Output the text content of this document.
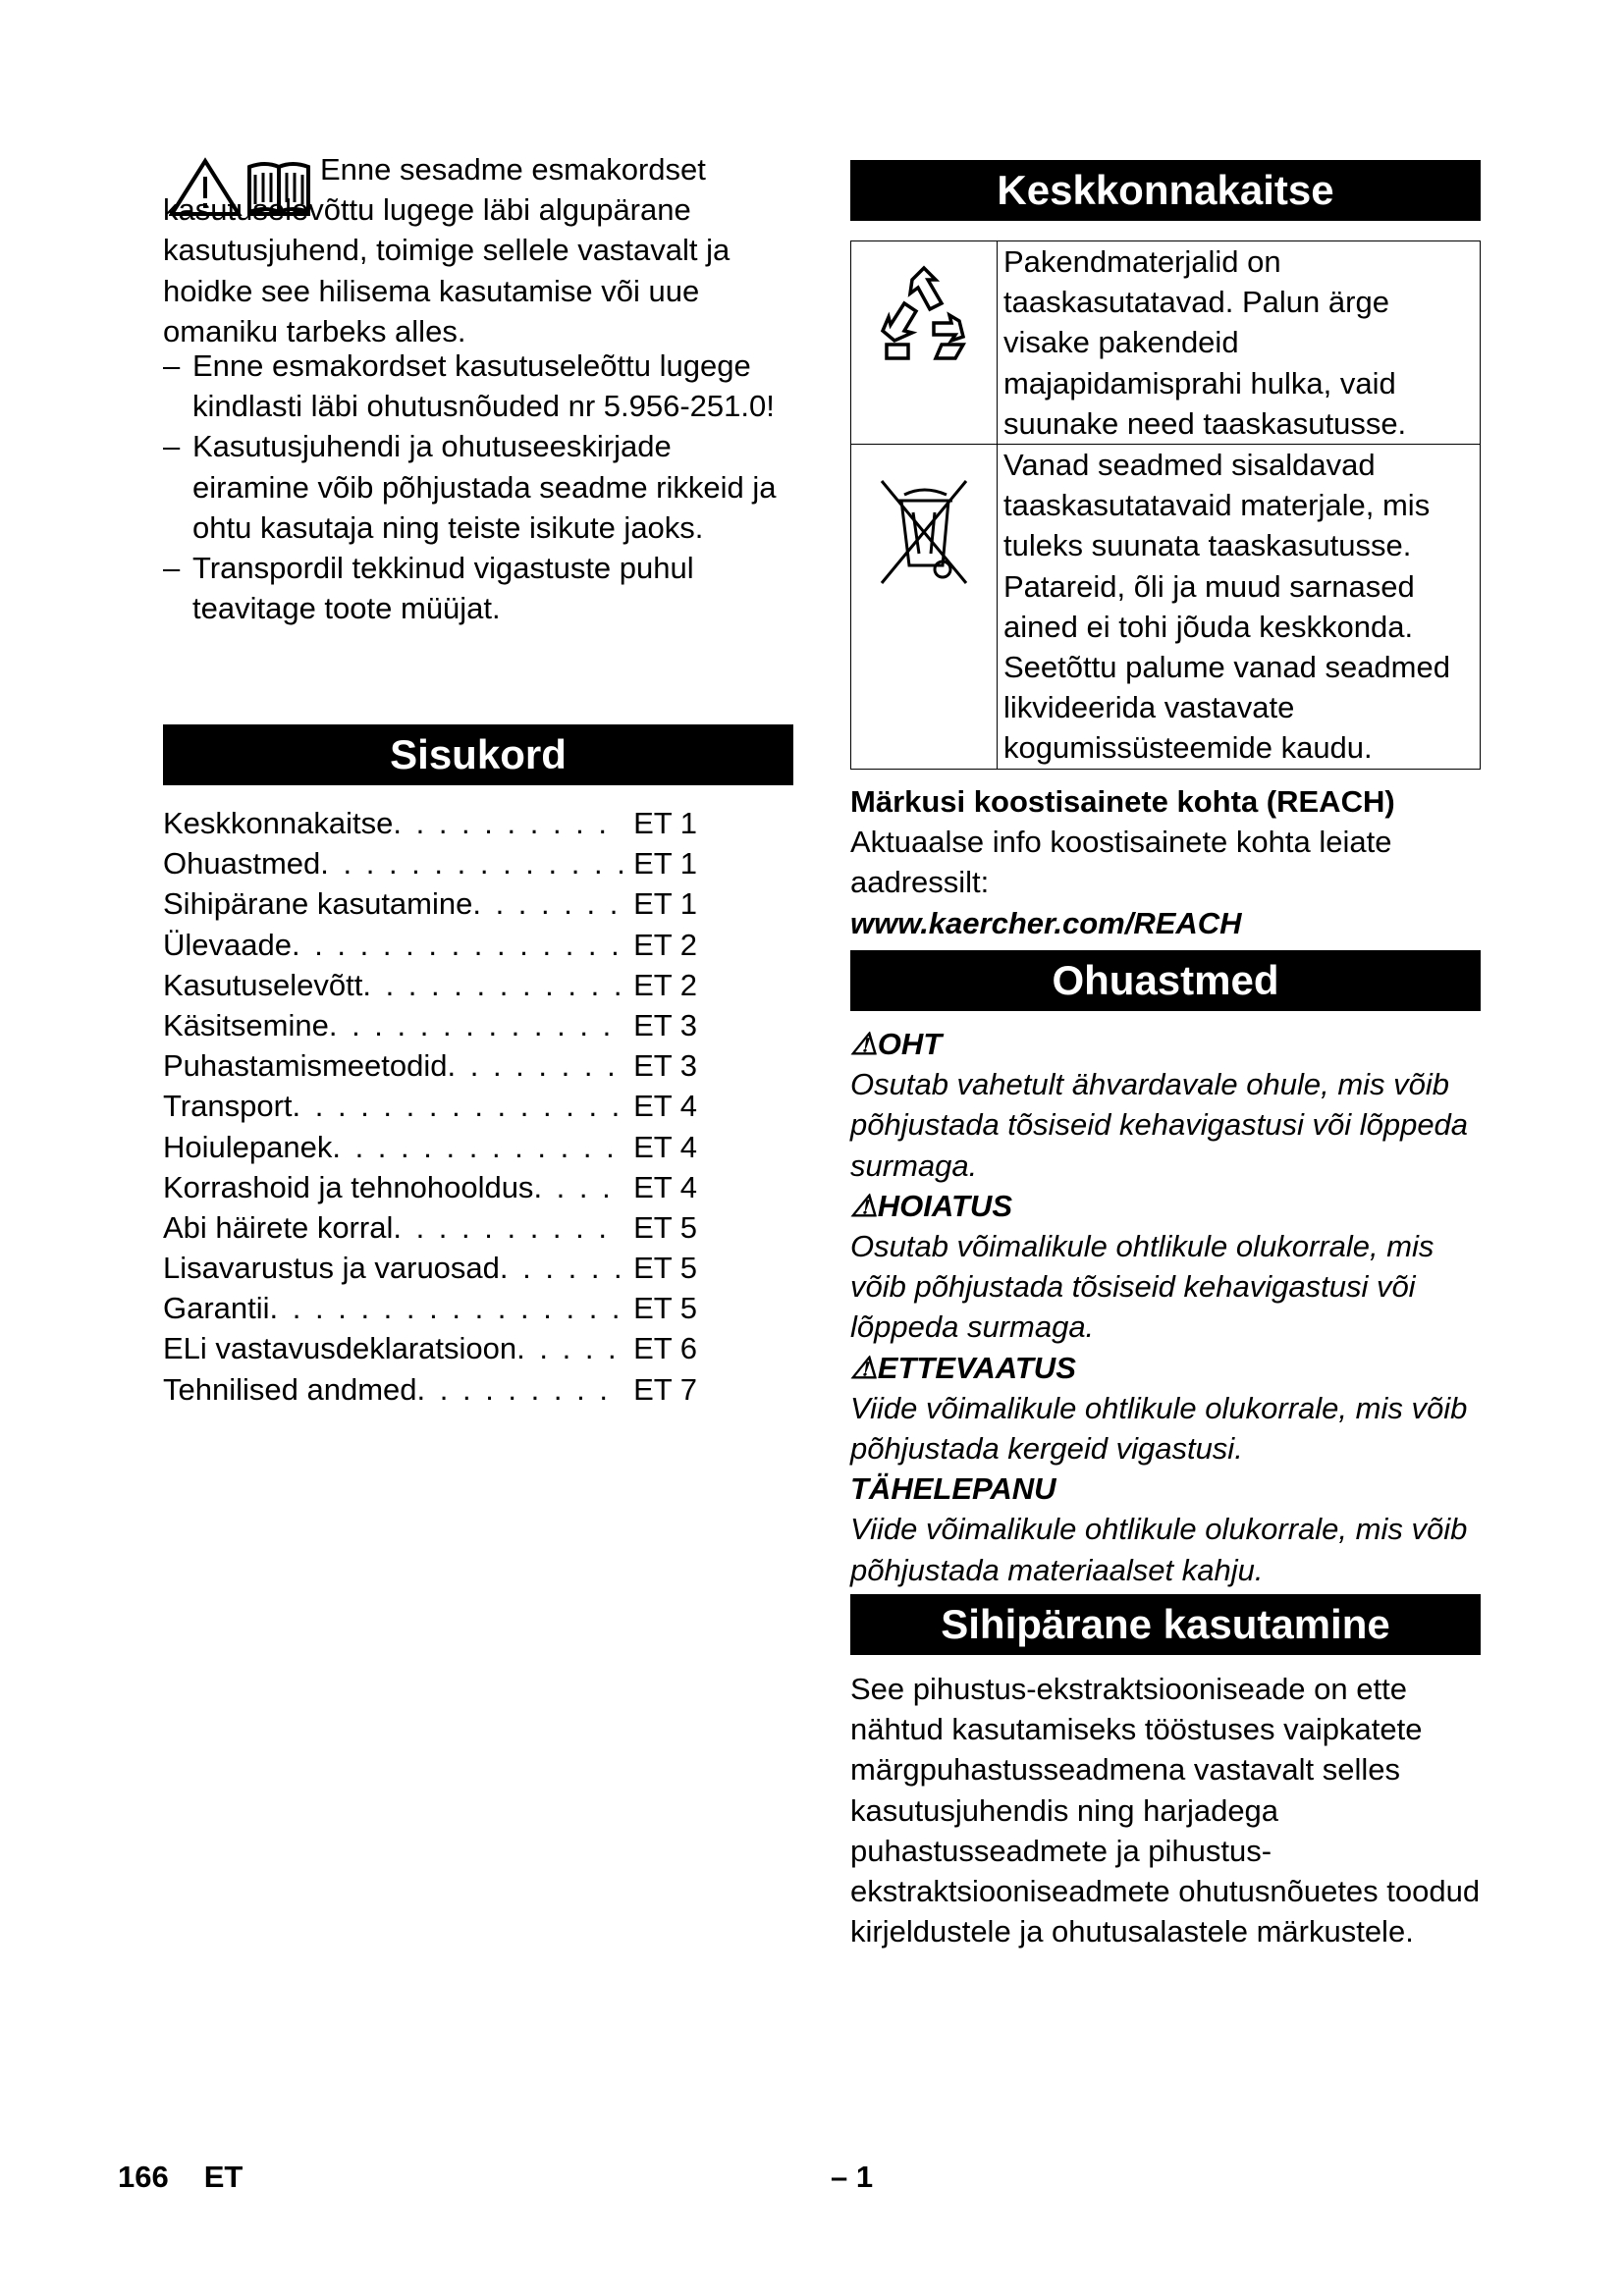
Enne sesadme esmakordset kasutuselevõttu lugege läbi algupärane kasutusjuhend, toimige sellele vastavalt ja hoidke see hilisema kasutamise või uue omaniku tarbeks alles.

– Enne esmakordset kasutuseleõttu lugege kindlasti läbi ohutusnõuded nr 5.956-251.0!
– Kasutusjuhendi ja ohutuseeskirjade eiramine võib põhjustada seadme rikkeid ja ohtu kasutaja ning teiste isikute jaoks.
– Transpordil tekkinud vigastuste puhul teavitage toote müüjat.
Sisukord
Keskkonnakaitse . . .	ET 1
Ohuastmed . . .	ET 1
Sihipärane kasutamine . . .	ET 1
Ülevaade . . .	ET 2
Kasutuselevõtt . . .	ET 2
Käsitsemine . . .	ET 3
Puhastamismeetodid . . .	ET 3
Transport . . .	ET 4
Hoiulepanek . . .	ET 4
Korrashoid ja tehnohooldus . . .	ET 4
Abi häirete korral . . .	ET 5
Lisavarustus ja varuosad . . .	ET 5
Garantii . . .	ET 5
ELi vastavusdeklaratsioon . . .	ET 6
Tehnilised andmed . . .	ET 7
Keskkonnakaitse
	Pakendmaterjalid on taaskasutatavad. Palun ärge visake pakendeid majapidamisprahi hulka, vaid suunake need taaskasutusse.
	Vanad seadmed sisaldavad taaskasutatavaid materjale, mis tuleks suunata taaskasutusse. Patareid, õli ja muud sarnased ained ei tohi jõuda keskkonda. Seetõttu palume vanad seadmed likvideerida vastavate kogumissüsteemide kaudu.

Märkusi koostisainete kohta (REACH)

Aktuaalse info koostisainete kohta leiate aadressilt:

www.kaercher.com/REACH

Ohuastmed

⚠OHT

Osutab vahetult ähvardavale ohule, mis võib põhjustada tõsiseid kehavigastusi või lõppeda surmaga.

⚠HOIATUS

Osutab võimalikule ohtlikule olukorrale, mis võib põhjustada tõsiseid kehavigastusi või lõppeda surmaga.

⚠ETTEVAATUS

Viide võimalikule ohtlikule olukorrale, mis võib põhjustada kergeid vigastusi.

TÄHELEPANU

Viide võimalikule ohtlikule olukorrale, mis võib põhjustada materiaalset kahju.

Sihipärane kasutamine

See pihustus-ekstraktsiooniseade on ette nähtud kasutamiseks tööstuses vaipkatete märgpuhastusseadmena vastavalt selles kasutusjuhendis ning harjadega puhastusseadmete ja pihustus-ekstraktsiooniseadmete ohutusnõuetes toodud kirjeldustele ja ohutusalastele märkustele.

166 ET	– 1
